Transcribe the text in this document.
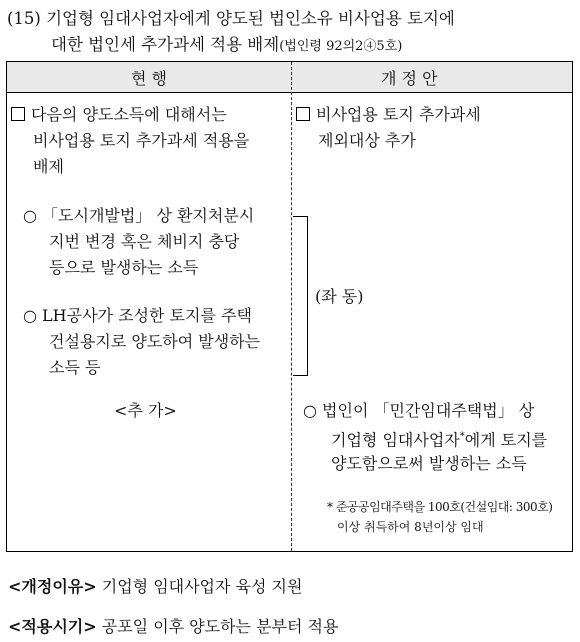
(15) 기업형 임대사업자에게 양도된 법인소유 비사업용 토지에
대한 법인세 추가과세 적용 배제(법인령 92의2④5호)
현 행	개 정 안
다음의 양도소득에 대해서는
비사업용 토지 추가과세 적용을
배제
○ 「도시개발법」 상 환지처분시
지번 변경 혹은 체비지 충당
등으로 발생하는 소득
○ LH공사가 조성한 토지를 주택
건설용지로 양도하여 발생하는
소득 등
<추 가>
비사업용 토지 추가과세
제외대상 추가
(좌 동)
○ 법인이 「민간임대주택법」 상
기업형 임대사업자*에게 토지를
양도함으로써 발생하는 소득
* 준공공임대주택을 100호(건설임대: 300호)
이상 취득하여 8년이상 임대
<개정이유> 기업형 임대사업자 육성 지원
<적용시기> 공포일 이후 양도하는 분부터 적용
